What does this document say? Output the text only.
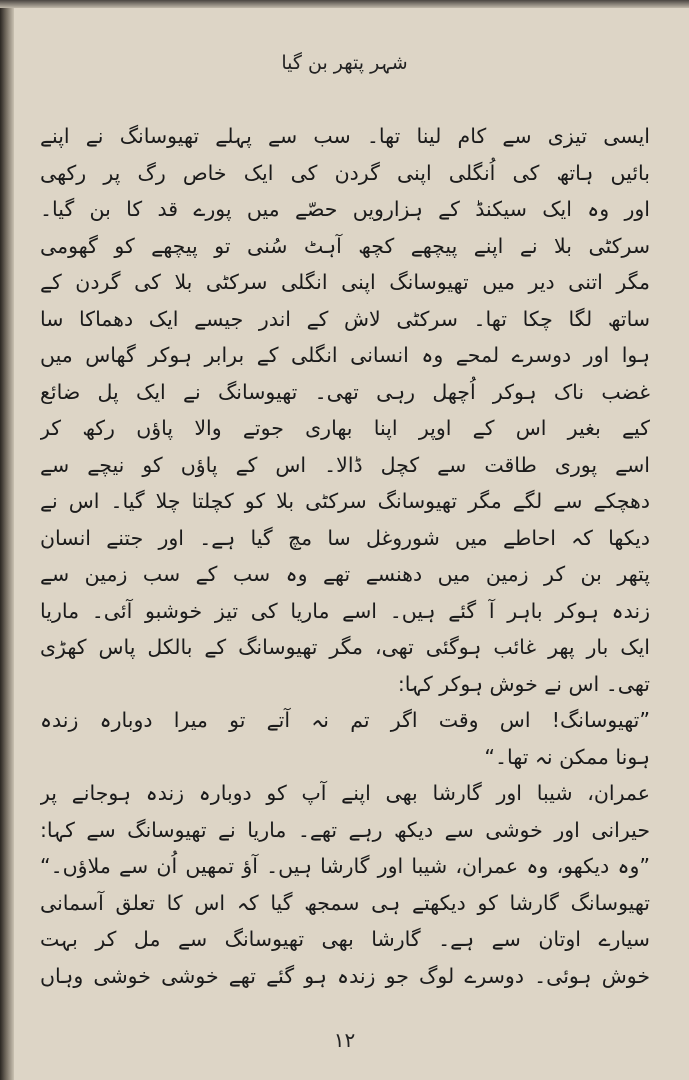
شہر پتھر بن گیا
ایسی تیزی سے کام لینا تھا۔ سب سے پہلے تھیوسانگ نے اپنے
بائیں ہاتھ کی اُنگلی اپنی گردن کی ایک خاص رگ پر رکھی
اور وہ ایک سیکنڈ کے ہزارویں حصّے میں پورے قد کا بن گیا۔
سرکٹی بلا نے اپنے پیچھے کچھ آہٹ سُنی تو پیچھے کو گھومی
مگر اتنی دیر میں تھیوسانگ اپنی انگلی سرکٹی بلا کی گردن کے
ساتھ لگا چکا تھا۔ سرکٹی لاش کے اندر جیسے ایک دھماکا سا
ہوا اور دوسرے لمحے وہ انسانی انگلی کے برابر ہوکر گھاس میں
غضب ناک ہوکر اُچھل رہی تھی۔ تھیوسانگ نے ایک پل ضائع
کیے بغیر اس کے اوپر اپنا بھاری جوتے والا پاؤں رکھ کر
اسے پوری طاقت سے کچل ڈالا۔ اس کے پاؤں کو نیچے سے
دھچکے سے لگے مگر تھیوسانگ سرکٹی بلا کو کچلتا چلا گیا۔ اس نے
دیکھا کہ احاطے میں شوروغل سا مچ گیا ہے۔ اور جتنے انسان
پتھر بن کر زمین میں دھنسے تھے وہ سب کے سب زمین سے
زندہ ہوکر باہر آ گئے ہیں۔ اسے ماریا کی تیز خوشبو آئی۔ ماریا
ایک بار پھر غائب ہوگئی تھی، مگر تھیوسانگ کے بالکل پاس کھڑی
تھی۔ اس نے خوش ہوکر کہا:
”تھیوسانگ! اس وقت اگر تم نہ آتے تو میرا دوبارہ زندہ
ہونا ممکن نہ تھا۔“
عمران، شیبا اور گارشا بھی اپنے آپ کو دوبارہ زندہ ہوجانے پر
حیرانی اور خوشی سے دیکھ رہے تھے۔ ماریا نے تھیوسانگ سے کہا:
”وہ دیکھو، وہ عمران، شیبا اور گارشا ہیں۔ آؤ تمھیں اُن سے ملاؤں۔“
تھیوسانگ گارشا کو دیکھتے ہی سمجھ گیا کہ اس کا تعلق آسمانی
سیارے اوتان سے ہے۔ گارشا بھی تھیوسانگ سے مل کر بہت
خوش ہوئی۔ دوسرے لوگ جو زندہ ہو گئے تھے خوشی خوشی وہاں
١٢
